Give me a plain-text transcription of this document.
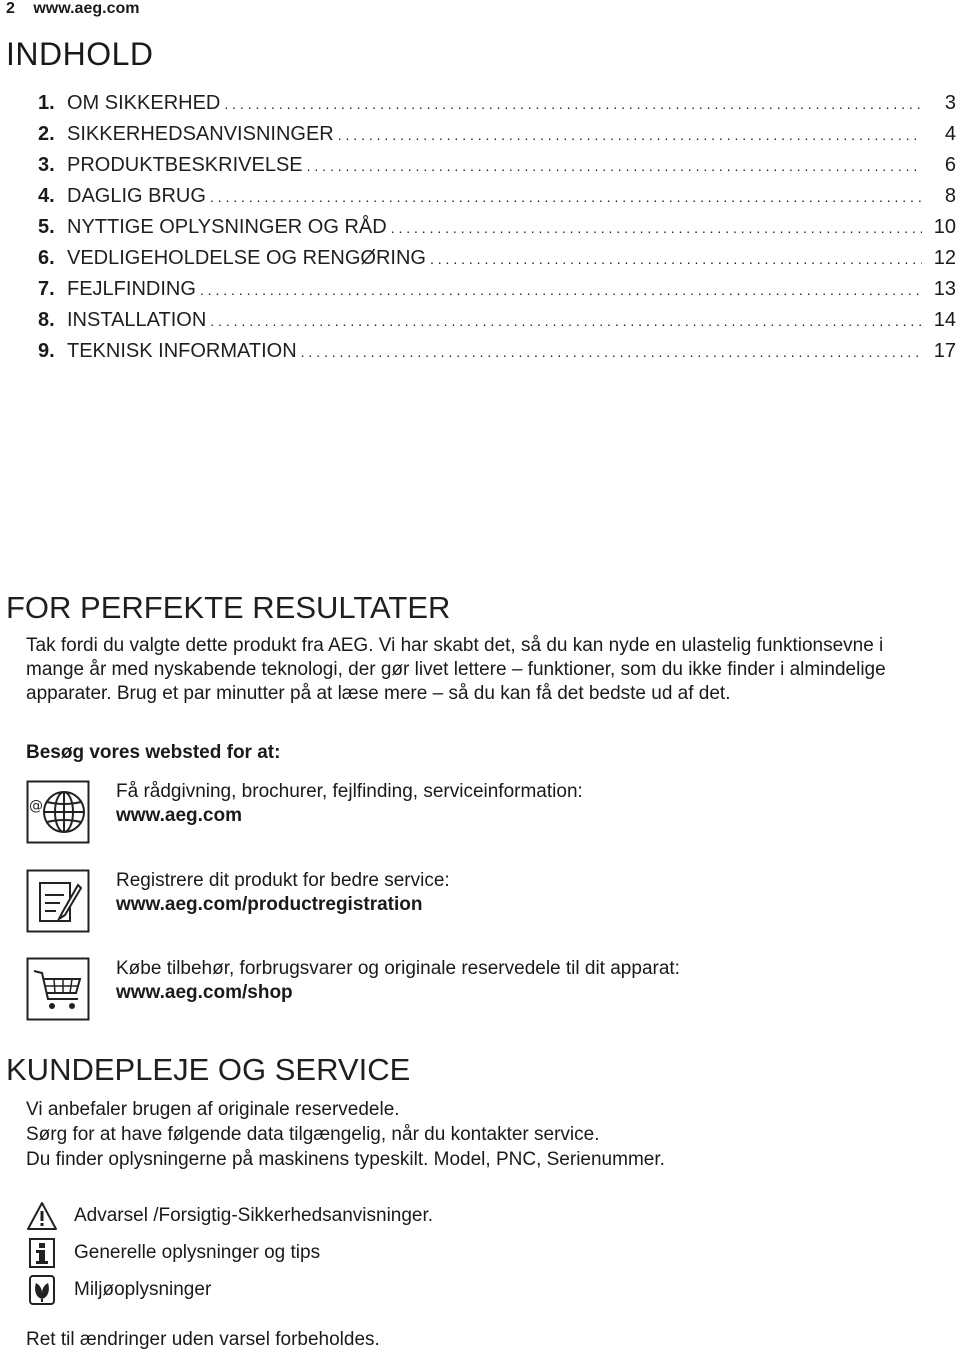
2 www.aeg.com
INDHOLD
1. OM SIKKERHED . . .	3
2. SIKKERHEDSANVISNINGER . . .	4
3. PRODUKTBESKRIVELSE . . .	6
4. DAGLIG BRUG . . .	8
5. NYTTIGE OPLYSNINGER OG RÅD . . .	10
6. VEDLIGEHOLDELSE OG RENGØRING . . .	12
7. FEJLFINDING . . .	13
8. INSTALLATION . . .	14
9. TEKNISK INFORMATION . . .	17
FOR PERFEKTE RESULTATER

Tak fordi du valgte dette produkt fra AEG. Vi har skabt det, så du kan nyde en ulastelig funktionsevne i mange år med nyskabende teknologi, der gør livet lettere – funktioner, som du ikke finder i almindelige apparater. Brug et par minutter på at læse mere – så du kan få det bedste ud af det.

Besøg vores websted for at:

@
Få rådgivning, brochurer, fejlfinding, serviceinformation:
www.aeg.com
Registrere dit produkt for bedre service:
www.aeg.com/productregistration
Købe tilbehør, forbrugsvarer og originale reservedele til dit apparat:
www.aeg.com/shop
KUNDEPLEJE OG SERVICE

Vi anbefaler brugen af originale reservedele.

Sørg for at have følgende data tilgængelig, når du kontakter service.

Du finder oplysningerne på maskinens typeskilt. Model, PNC, Serienummer.

Advarsel /Forsigtig-Sikkerhedsanvisninger.
Generelle oplysninger og tips
Miljøoplysninger

Ret til ændringer uden varsel forbeholdes.
